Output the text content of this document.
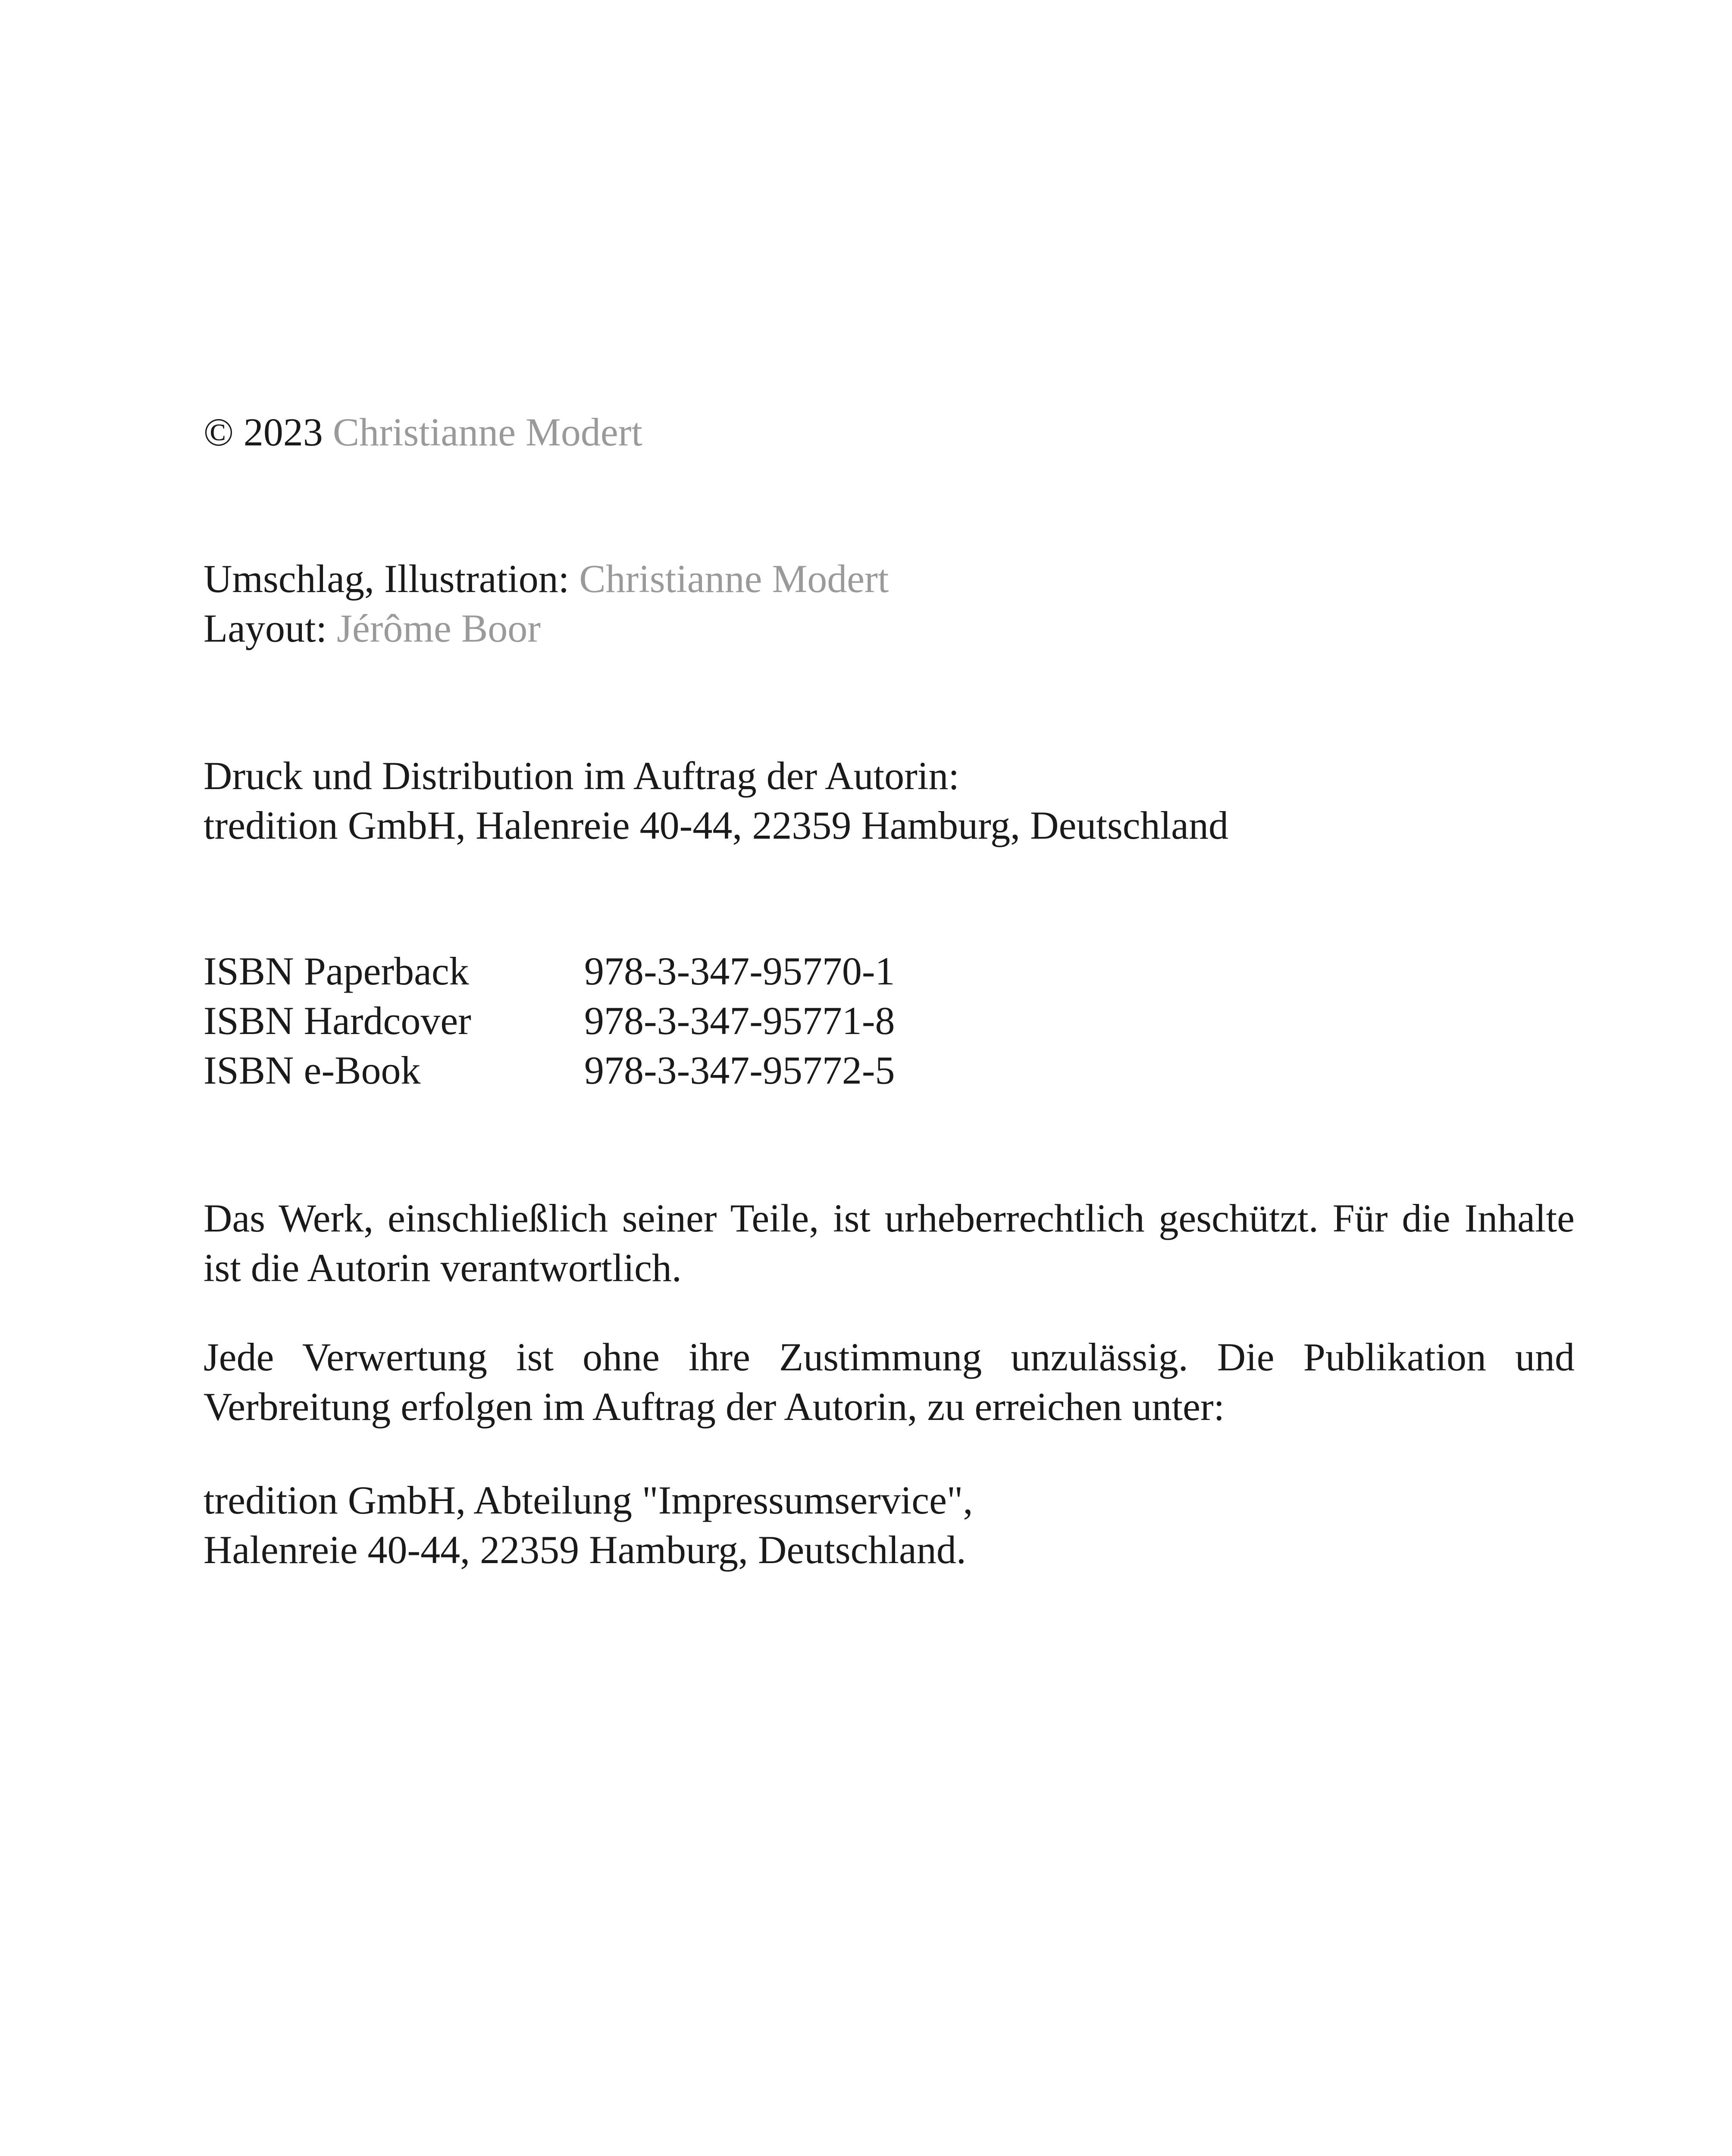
© 2023 Christianne Modert
Umschlag, Illustration: Christianne Modert
Layout: Jérôme Boor
Druck und Distribution im Auftrag der Autorin:
tredition GmbH, Halenreie 40-44, 22359 Hamburg, Deutschland
ISBN Paperback	978-3-347-95770-1
ISBN Hardcover	978-3-347-95771-8
ISBN e-Book	978-3-347-95772-5
Das Werk, einschließlich seiner Teile, ist urheberrechtlich geschützt. Für die Inhalte ist die Autorin verantwortlich.
Jede Verwertung ist ohne ihre Zustimmung unzulässig. Die Publikation und Verbreitung erfolgen im Auftrag der Autorin, zu erreichen unter:
tredition GmbH, Abteilung "Impressumservice",
Halenreie 40-44, 22359 Hamburg, Deutschland.
